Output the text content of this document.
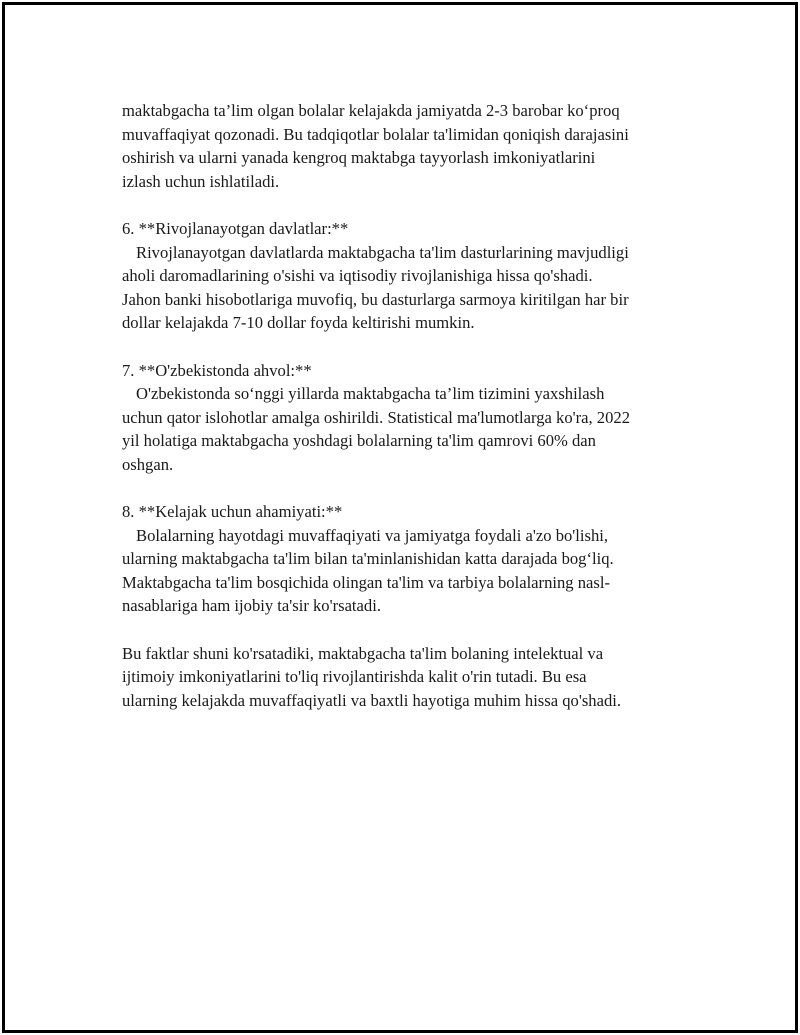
maktabgacha ta’lim olgan bolalar kelajakda jamiyatda 2-3 barobar ko‘proq
muvaffaqiyat qozonadi. Bu tadqiqotlar bolalar ta'limidan qoniqish darajasini
oshirish va ularni yanada kengroq maktabga tayyorlash imkoniyatlarini
izlash uchun ishlatiladi.
6. **Rivojlanayotgan davlatlar:**
Rivojlanayotgan davlatlarda maktabgacha ta'lim dasturlarining mavjudligi
aholi daromadlarining o'sishi va iqtisodiy rivojlanishiga hissa qo'shadi.
Jahon banki hisobotlariga muvofiq, bu dasturlarga sarmoya kiritilgan har bir
dollar kelajakda 7-10 dollar foyda keltirishi mumkin.
7. **O'zbekistonda ahvol:**
O'zbekistonda so‘nggi yillarda maktabgacha ta’lim tizimini yaxshilash
uchun qator islohotlar amalga oshirildi. Statistical ma'lumotlarga ko'ra, 2022
yil holatiga maktabgacha yoshdagi bolalarning ta'lim qamrovi 60% dan
oshgan.
8. **Kelajak uchun ahamiyati:**
Bolalarning hayotdagi muvaffaqiyati va jamiyatga foydali a'zo bo'lishi,
ularning maktabgacha ta'lim bilan ta'minlanishidan katta darajada bog‘liq.
Maktabgacha ta'lim bosqichida olingan ta'lim va tarbiya bolalarning nasl-
nasablariga ham ijobiy ta'sir ko'rsatadi.
Bu faktlar shuni ko'rsatadiki, maktabgacha ta'lim bolaning intelektual va
ijtimoiy imkoniyatlarini to'liq rivojlantirishda kalit o'rin tutadi. Bu esa
ularning kelajakda muvaffaqiyatli va baxtli hayotiga muhim hissa qo'shadi.
